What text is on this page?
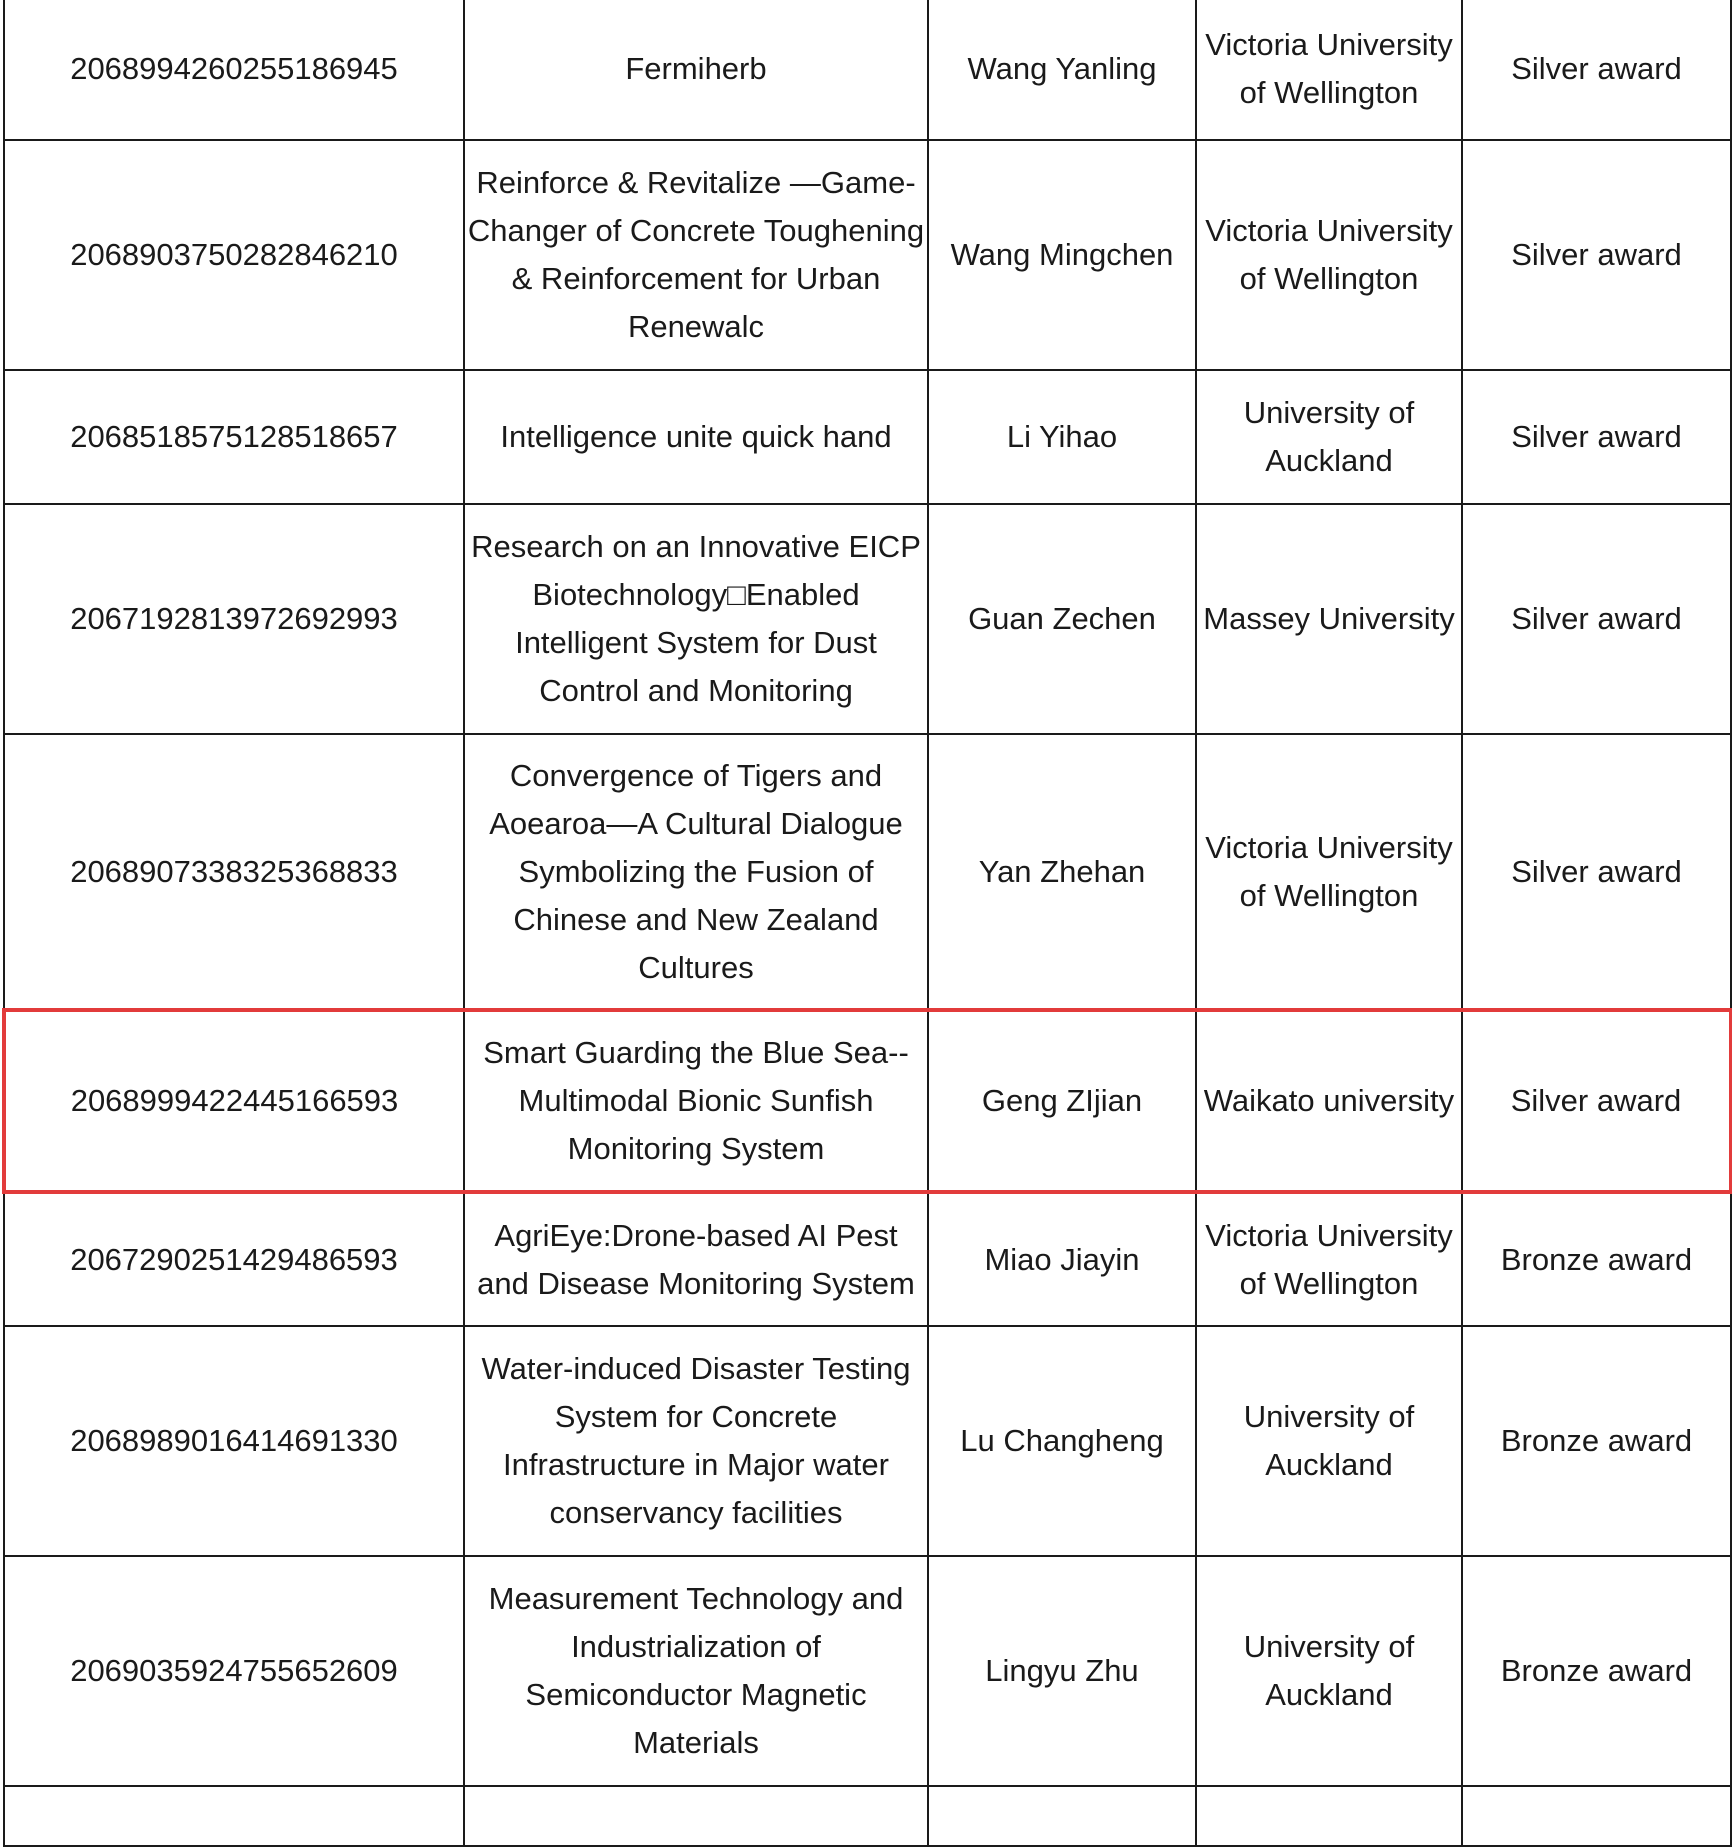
2068994260255186945	Fermiherb	Wang Yanling	Victoria University of Wellington	Silver award
2068903750282846210	Reinforce & Revitalize —Game-Changer of Concrete Toughening & Reinforcement for Urban Renewalc	Wang Mingchen	Victoria University of Wellington	Silver award
2068518575128518657	Intelligence unite quick hand	Li Yihao	University of Auckland	Silver award
2067192813972692993	Research on an Innovative EICP Biotechnology□Enabled Intelligent System for Dust Control and Monitoring	Guan Zechen	Massey University	Silver award
2068907338325368833	Convergence of Tigers and Aoearoa—A Cultural Dialogue Symbolizing the Fusion of Chinese and New Zealand Cultures	Yan Zhehan	Victoria University of Wellington	Silver award
2068999422445166593	Smart Guarding the Blue Sea--Multimodal Bionic Sunfish Monitoring System	Geng ZIjian	Waikato university	Silver award
2067290251429486593	AgriEye:Drone-based AI Pest and Disease Monitoring System	Miao Jiayin	Victoria University of Wellington	Bronze award
2068989016414691330	Water-induced Disaster Testing System for Concrete Infrastructure in Major water conservancy facilities	Lu Changheng	University of Auckland	Bronze award
2069035924755652609	Measurement Technology and Industrialization of Semiconductor Magnetic Materials	Lingyu Zhu	University of Auckland	Bronze award
